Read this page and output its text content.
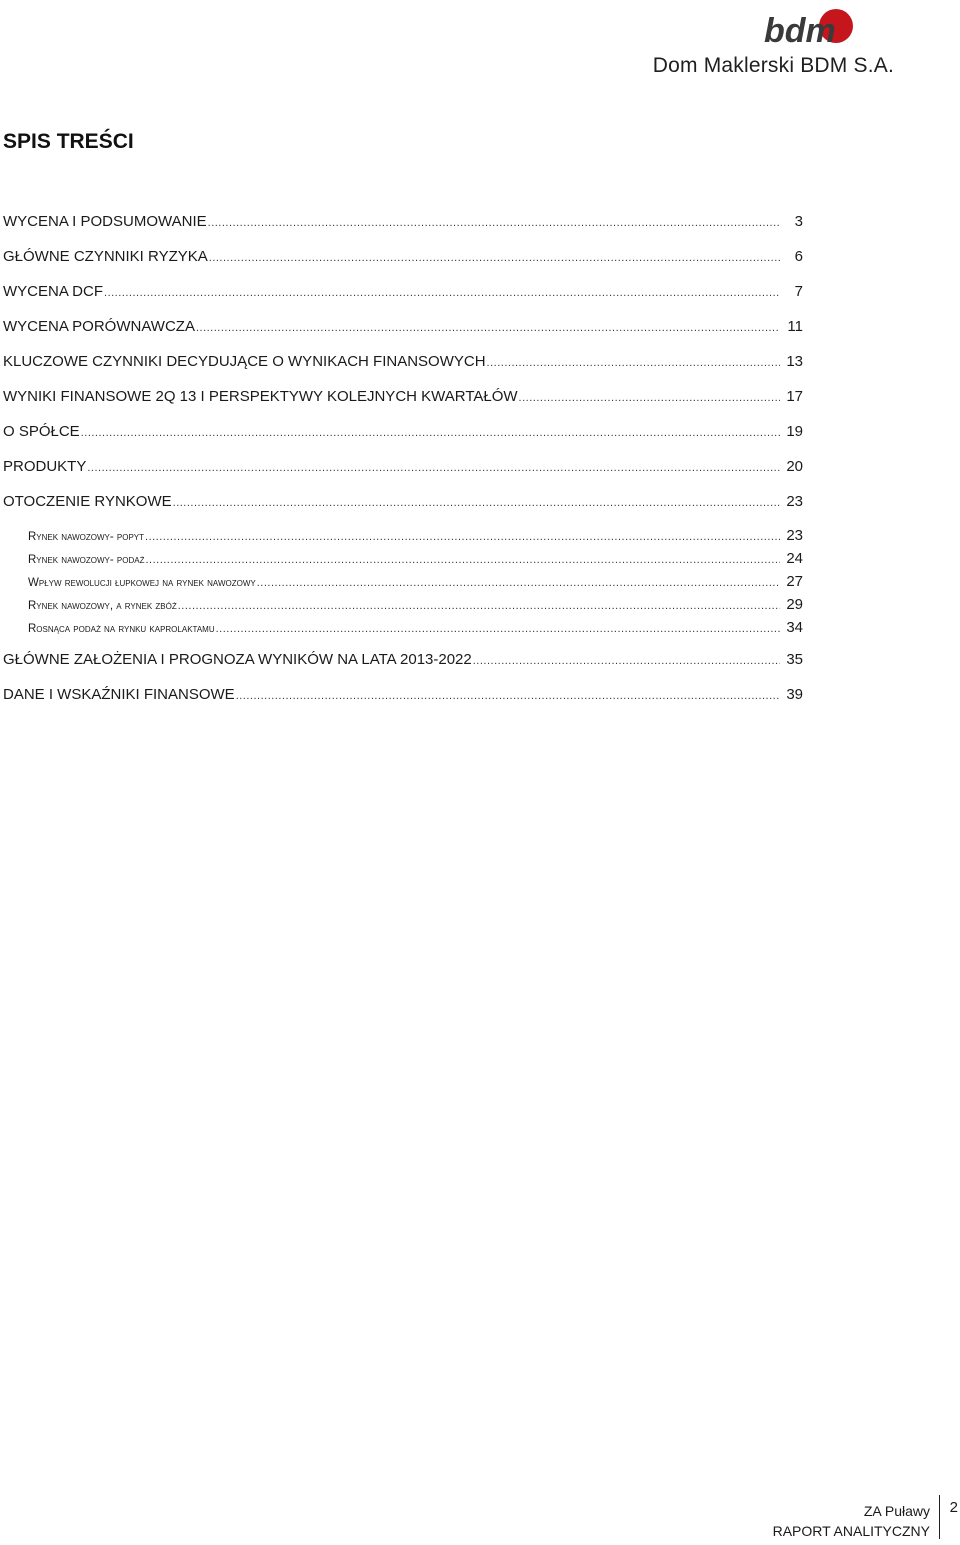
bdm
Dom Maklerski BDM S.A.
SPIS TREŚCI
WYCENA I PODSUMOWANIE .....	3
GŁÓWNE CZYNNIKI RYZYKA .....	6
WYCENA DCF .....	7
WYCENA PORÓWNAWCZA .....	11
KLUCZOWE CZYNNIKI DECYDUJĄCE O WYNIKACH FINANSOWYCH .....	13
WYNIKI FINANSOWE 2Q 13 I PERSPEKTYWY KOLEJNYCH KWARTAŁÓW .....	17
O SPÓŁCE .....	19
PRODUKTY .....	20
OTOCZENIE RYNKOWE .....	23
Rynek nawozowy- popyt .....	23
Rynek nawozowy- podaż .....	24
Wpływ rewolucji łupkowej na rynek nawozowy .....	27
Rynek nawozowy, a rynek zbóż .....	29
Rosnąca podaż na rynku kaprolaktamu .....	34
GŁÓWNE ZAŁOŻENIA I PROGNOZA WYNIKÓW NA LATA 2013-2022 .....	35
DANE I WSKAŹNIKI FINANSOWE .....	39
ZA Puławy
RAPORT ANALITYCZNY
2
